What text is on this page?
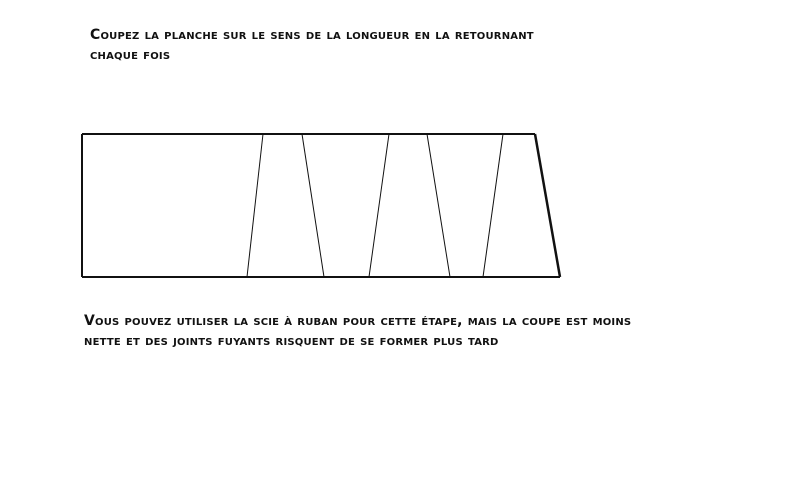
Coupez la planche sur le sens de la longueur en la retournant chaque fois

Vous pouvez utiliser la scie à ruban pour cette étape, mais la coupe est moins nette et des joints fuyants risquent de se former plus tard
